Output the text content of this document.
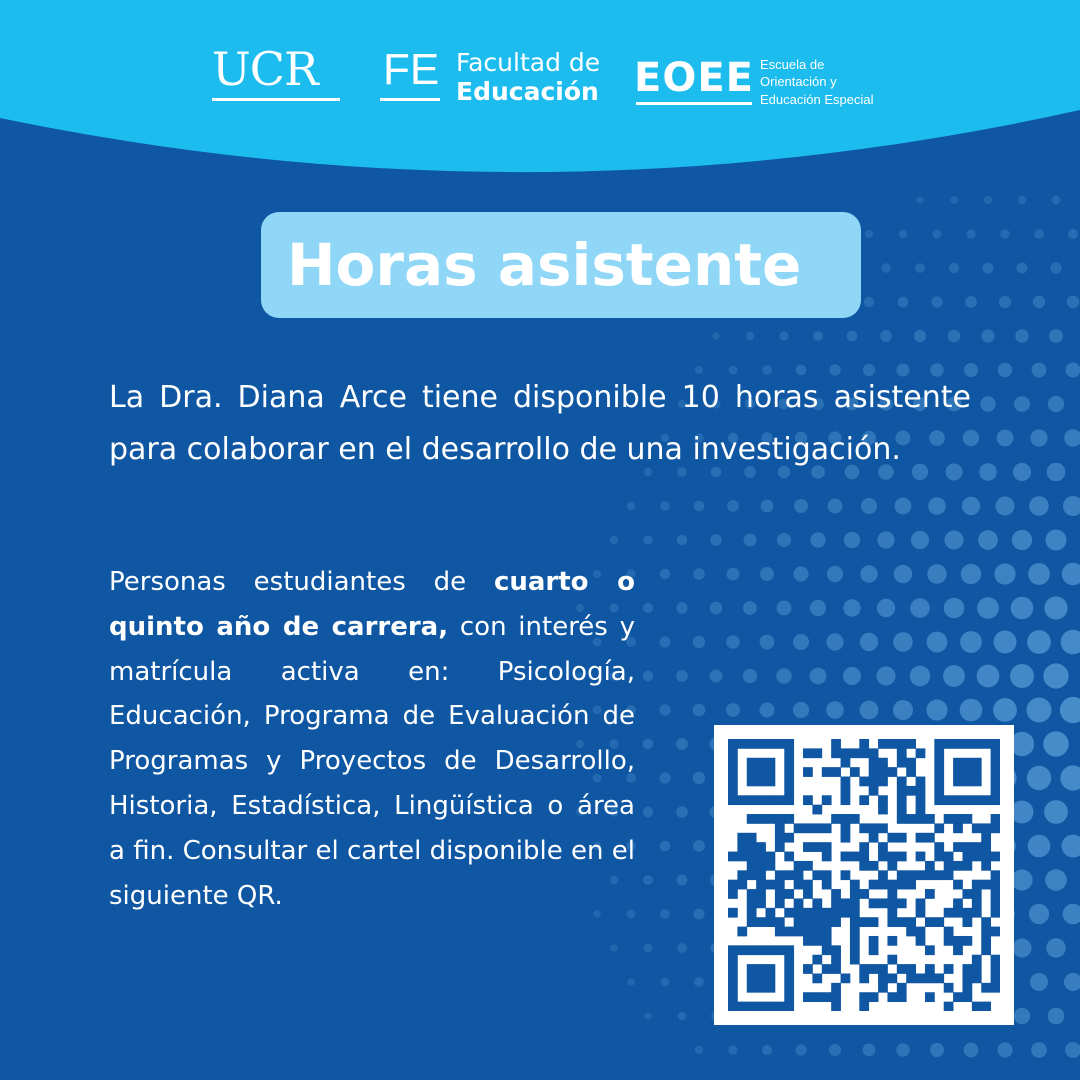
UCR FE Facultad de
Educación EOEE Escuela de
Orientación y
Educación Especial
Horas asistente
La Dra. Diana Arce tiene disponible 10 horas asistente para colaborar en el desarrollo de una investigación.
Personas estudiantes de cuarto o quinto año de carrera, con interés y matrícula activa en: Psicología, Educación, Programa de Evaluación de Programas y Proyectos de Desarrollo, Historia, Estadística, Lingüística o área a fin. Consultar el cartel disponible en el siguiente QR.
